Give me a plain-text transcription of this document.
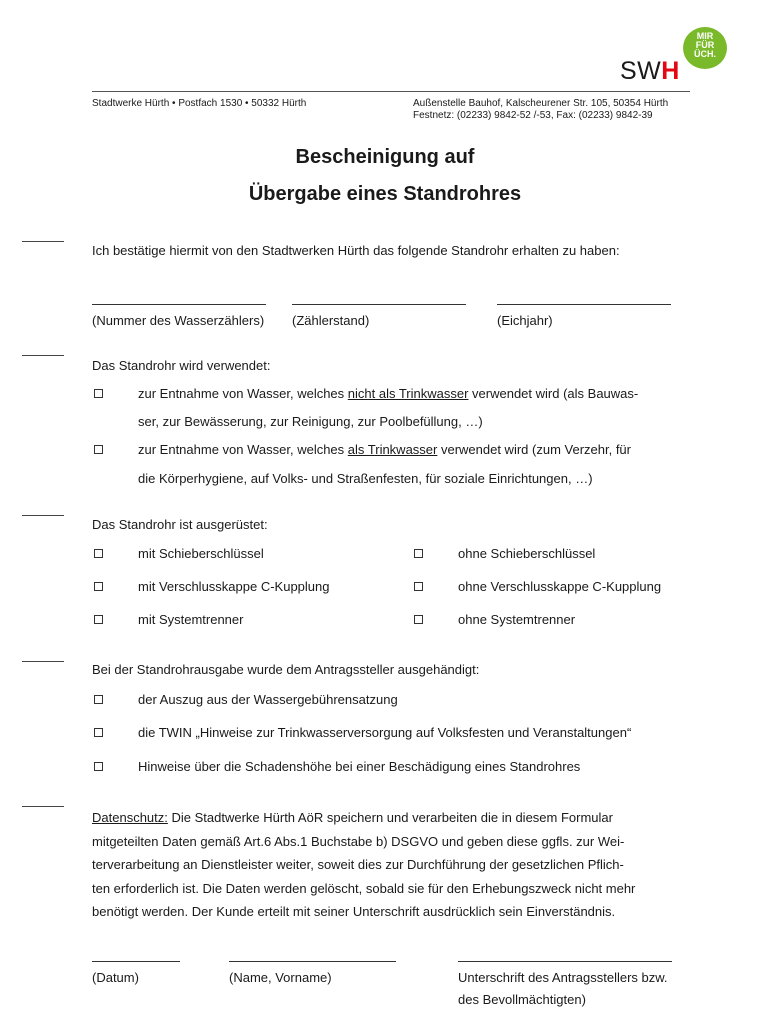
MIR
FÜR
ÜCH.
SWH
Stadtwerke Hürth • Postfach 1530 • 50332 Hürth	Außenstelle Bauhof, Kalscheurener Str. 105, 50354 Hürth
Festnetz: (02233) 9842-52 /-53, Fax: (02233) 9842-39
Bescheinigung auf
Übergabe eines Standrohres
Ich bestätige hiermit von den Stadtwerken Hürth das folgende Standrohr erhalten zu haben:
(Nummer des Wasserzählers) (Zählerstand)	(Eichjahr)
Das Standrohr wird verwendet:
zur Entnahme von Wasser, welches nicht als Trinkwasser verwendet wird (als Bauwas-
ser, zur Bewässerung, zur Reinigung, zur Poolbefüllung, …)
zur Entnahme von Wasser, welches als Trinkwasser verwendet wird (zum Verzehr, für
die Körperhygiene, auf Volks- und Straßenfesten, für soziale Einrichtungen, …)
Das Standrohr ist ausgerüstet:
mit Schieberschlüssel	ohne Schieberschlüssel
mit Verschlusskappe C-Kupplung	ohne Verschlusskappe C-Kupplung
mit Systemtrenner	ohne Systemtrenner
Bei der Standrohrausgabe wurde dem Antragssteller ausgehändigt:
der Auszug aus der Wassergebührensatzung
die TWIN „Hinweise zur Trinkwasserversorgung auf Volksfesten und Veranstaltungen“
Hinweise über die Schadenshöhe bei einer Beschädigung eines Standrohres
Datenschutz: Die Stadtwerke Hürth AöR speichern und verarbeiten die in diesem Formular
mitgeteilten Daten gemäß Art.6 Abs.1 Buchstabe b) DSGVO und geben diese ggfls. zur Wei-
terverarbeitung an Dienstleister weiter, soweit dies zur Durchführung der gesetzlichen Pflich-
ten erforderlich ist. Die Daten werden gelöscht, sobald sie für den Erhebungszweck nicht mehr
benötigt werden. Der Kunde erteilt mit seiner Unterschrift ausdrücklich sein Einverständnis.
(Datum)	(Name, Vorname)	Unterschrift des Antragsstellers bzw.
des Bevollmächtigten)
